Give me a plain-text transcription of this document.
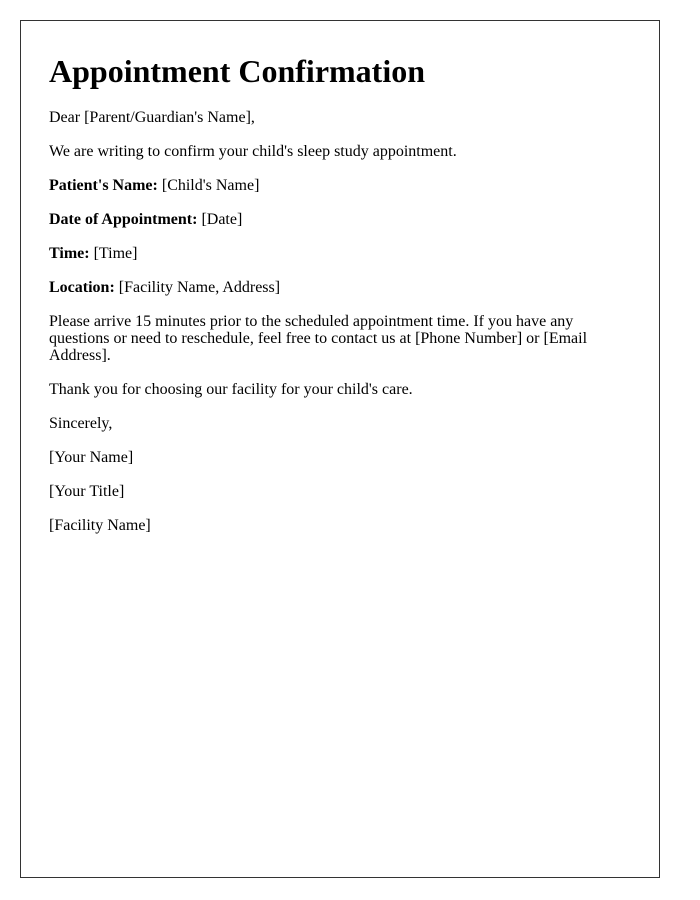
Appointment Confirmation

Dear [Parent/Guardian's Name],

We are writing to confirm your child's sleep study appointment.

Patient's Name: [Child's Name]

Date of Appointment: [Date]

Time: [Time]

Location: [Facility Name, Address]

Please arrive 15 minutes prior to the scheduled appointment time. If you have any questions or need to reschedule, feel free to contact us at [Phone Number] or [Email Address].

Thank you for choosing our facility for your child's care.

Sincerely,

[Your Name]

[Your Title]

[Facility Name]
